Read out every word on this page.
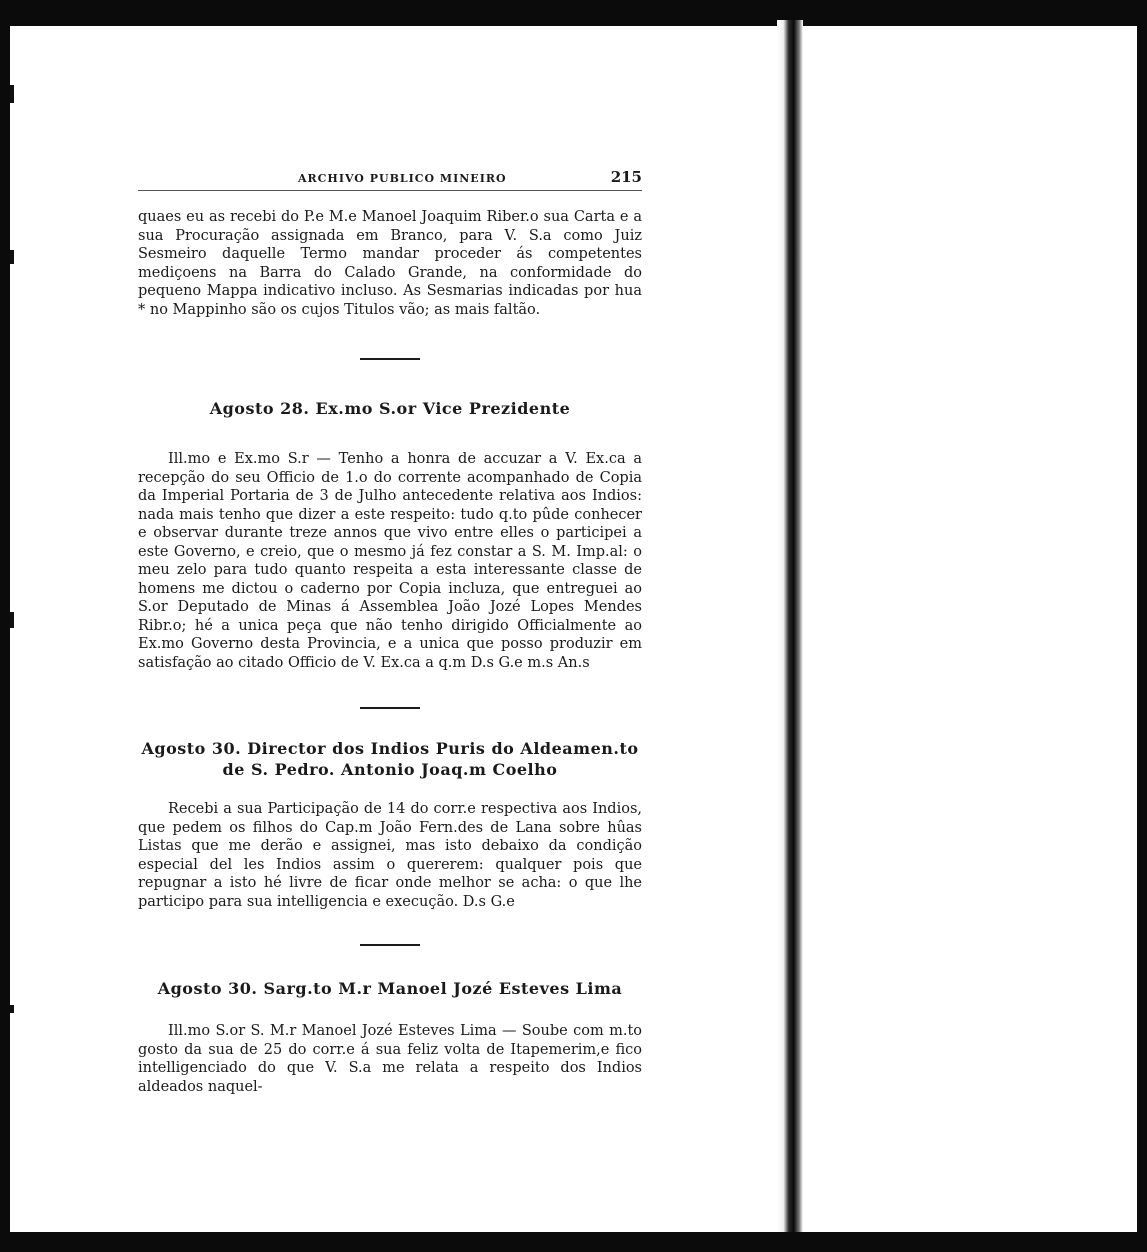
ARCHIVO PUBLICO MINEIRO	215

quaes eu as recebi do P.e M.e Manoel Joaquim Riber.o sua Carta e a sua Procuração assignada em Branco, para V. S.a como Juiz Sesmeiro daquelle Termo mandar proceder ás competentes mediçoens na Barra do Calado Grande, na conformidade do pequeno Mappa indicativo incluso. As Sesmarias indicadas por hua * no Mappinho são os cujos Titulos vão; as mais faltão.

Agosto 28. Ex.mo S.or Vice Prezidente

Ill.mo e Ex.mo S.r — Tenho a honra de accuzar a V. Ex.ca a recepção do seu Officio de 1.o do corrente acompanhado de Copia da Imperial Portaria de 3 de Julho antecedente relativa aos Indios: nada mais tenho que dizer a este respeito: tudo q.to pûde conhecer e observar durante treze annos que vivo entre elles o participei a este Governo, e creio, que o mesmo já fez constar a S. M. Imp.al: o meu zelo para tudo quanto respeita a esta interessante classe de homens me dictou o caderno por Copia incluza, que entreguei ao S.or Deputado de Minas á Assemblea João Jozé Lopes Mendes Ribr.o; hé a unica peça que não tenho dirigido Officialmente ao Ex.mo Governo desta Provincia, e a unica que posso produzir em satisfação ao citado Officio de V. Ex.ca a q.m D.s G.e m.s An.s

Agosto 30. Director dos Indios Puris do Aldeamen.to de S. Pedro. Antonio Joaq.m Coelho

Recebi a sua Participação de 14 do corr.e respectiva aos Indios, que pedem os filhos do Cap.m João Fern.des de Lana sobre hûas Listas que me derão e assignei, mas isto debaixo da condição especial del les Indios assim o quererem: qualquer pois que repugnar a isto hé livre de ficar onde melhor se acha: o que lhe participo para sua intelligencia e execução. D.s G.e

Agosto 30. Sarg.to M.r Manoel Jozé Esteves Lima

Ill.mo S.or S. M.r Manoel Jozé Esteves Lima — Soube com m.to gosto da sua de 25 do corr.e á sua feliz volta de Itapemerim,e fico intelligenciado do que V. S.a me relata a respeito dos Indios aldeados naquel-
